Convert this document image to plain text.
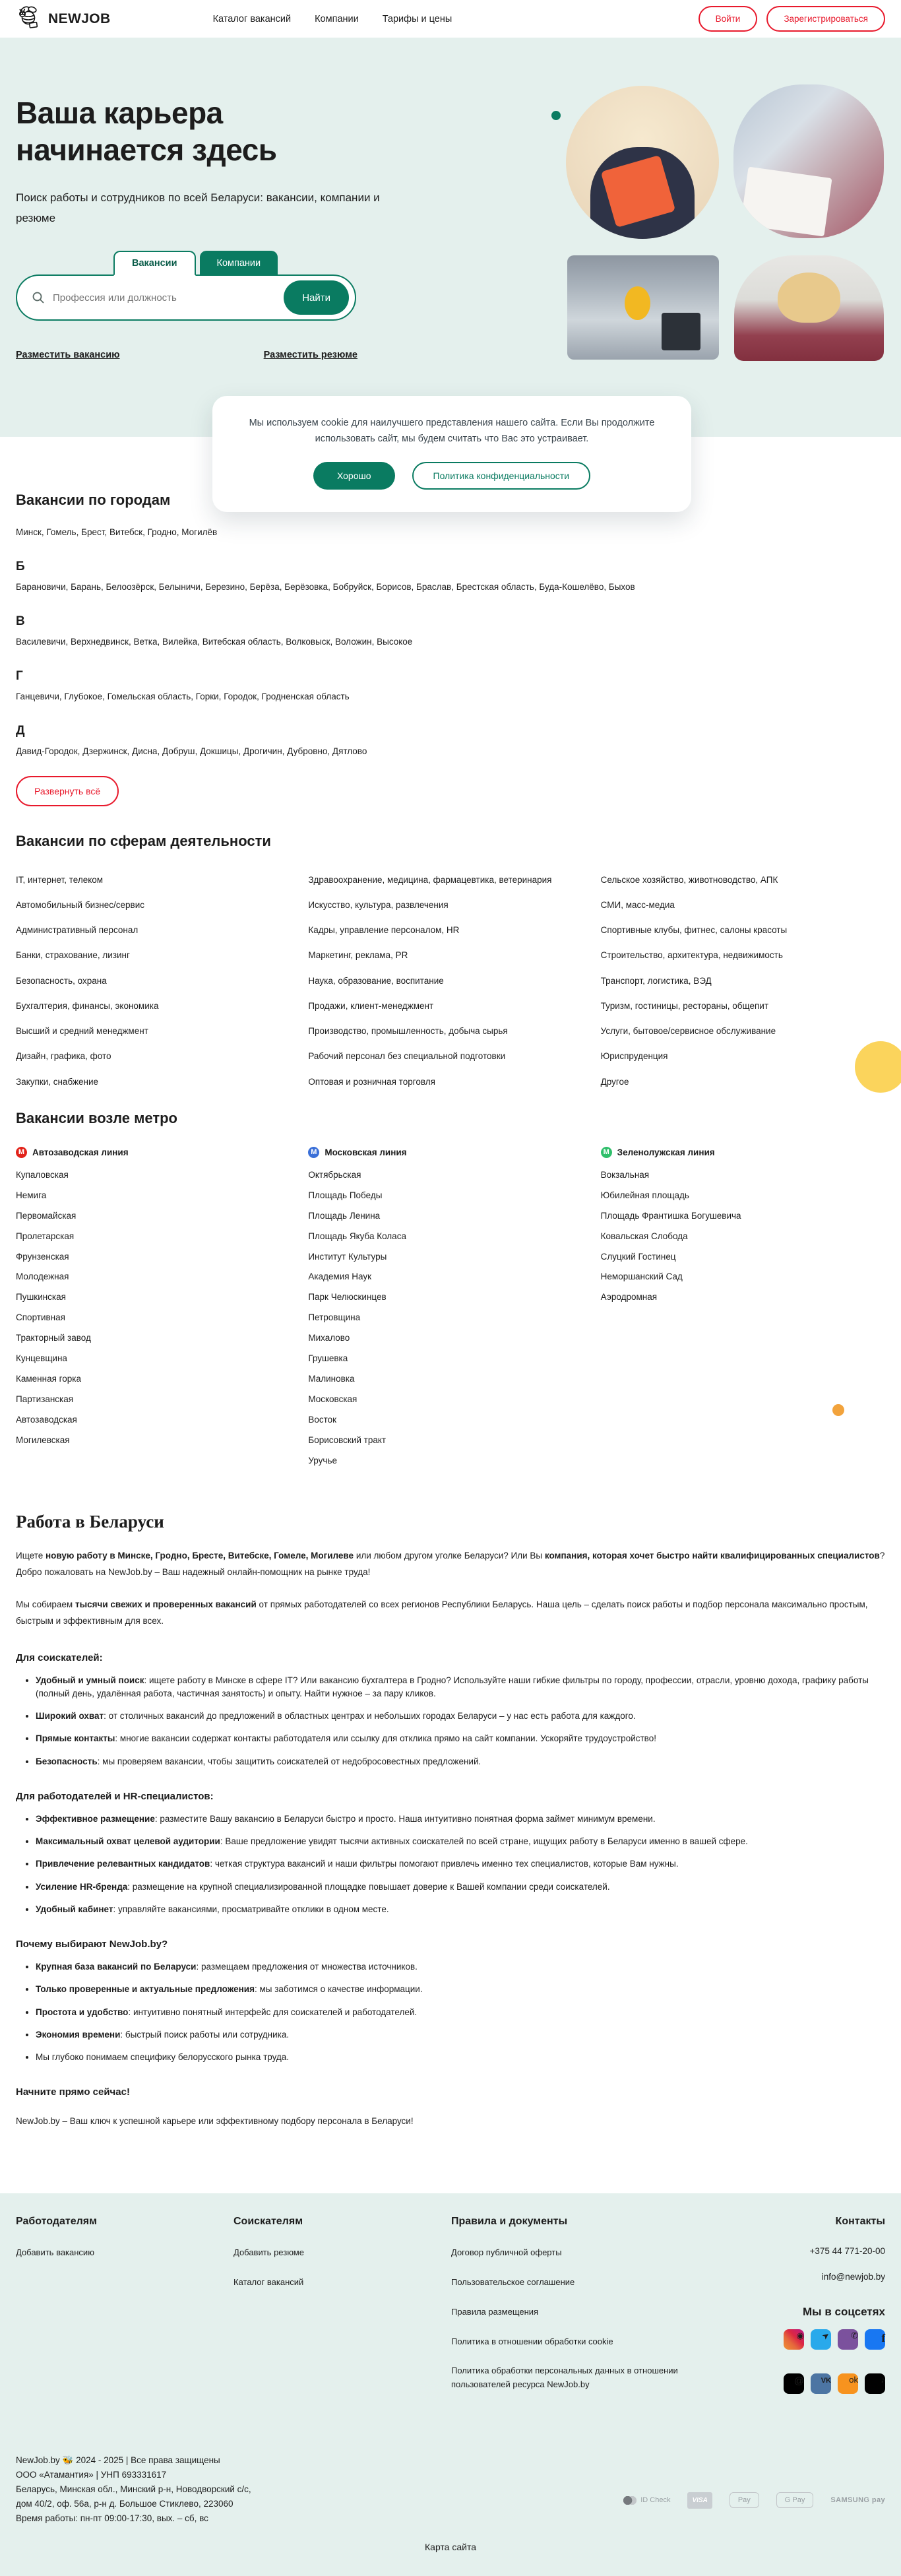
NEWJOB	Каталог вакансий Компании Тарифы и цены	Войти	Зарегистрироваться
Ваша карьера
начинается здесь
Поиск работы и сотрудников по всей Беларуси: вакансии, компании и резюме
Вакансии	Компании
Профессия или должность
Найти
Разместить вакансию	Разместить резюме

Мы используем cookie для наилучшего представления нашего сайта. Если Вы продолжите использовать сайт, мы будем считать что Вас это устраивает.

Хорошо	Политика конфиденциальности
Вакансии по городам
Минск, Гомель, Брест, Витебск, Гродно, Могилёв
Б
Барановичи, Барань, Белоозёрск, Белыничи, Березино, Берёза, Берёзовка, Бобруйск, Борисов, Браслав, Брестская область, Буда-Кошелёво, Быхов
В
Василевичи, Верхнедвинск, Ветка, Вилейка, Витебская область, Волковыск, Воложин, Высокое
Г
Ганцевичи, Глубокое, Гомельская область, Горки, Городок, Гродненская область
Д
Давид-Городок, Дзержинск, Дисна, Добруш, Докшицы, Дрогичин, Дубровно, Дятлово
Развернуть всё
Вакансии по сферам деятельности
IT, интернет, телеком
Автомобильный бизнес/сервис
Административный персонал
Банки, страхование, лизинг
Безопасность, охрана
Бухгалтерия, финансы, экономика
Высший и средний менеджмент
Дизайн, графика, фото
Закупки, снабжение
Здравоохранение, медицина, фармацевтика, ветеринария
Искусство, культура, развлечения
Кадры, управление персоналом, HR
Маркетинг, реклама, PR
Наука, образование, воспитание
Продажи, клиент-менеджмент
Производство, промышленность, добыча сырья
Рабочий персонал без специальной подготовки
Оптовая и розничная торговля
Сельское хозяйство, животноводство, АПК
СМИ, масс-медиа
Спортивные клубы, фитнес, салоны красоты
Строительство, архитектура, недвижимость
Транспорт, логистика, ВЭД
Туризм, гостиницы, рестораны, общепит
Услуги, бытовое/сервисное обслуживание
Юриспруденция
Другое
Вакансии возле метро
М Автозаводская линия
Купаловская
Немига
Первомайская
Пролетарская
Фрунзенская
Молодежная
Пушкинская
Спортивная
Тракторный завод
Кунцевщина
Каменная горка
Партизанская
Автозаводская
Могилевская
М Московская линия
Октябрьская
Площадь Победы
Площадь Ленина
Площадь Якуба Коласа
Институт Культуры
Академия Наук
Парк Челюскинцев
Петровщина
Михалово
Грушевка
Малиновка
Московская
Восток
Борисовский тракт
Уручье
М Зеленолужская линия
Вокзальная
Юбилейная площадь
Площадь Франтишка Богушевича
Ковальская Слобода
Слуцкий Гостинец
Неморшанский Сад
Аэродромная
Работа в Беларуси

Ищете новую работу в Минске, Гродно, Бресте, Витебске, Гомеле, Могилеве или любом другом уголке Беларуси? Или Вы компания, которая хочет быстро найти квалифицированных специалистов? Добро пожаловать на NewJob.by – Ваш надежный онлайн-помощник на рынке труда!

Мы собираем тысячи свежих и проверенных вакансий от прямых работодателей со всех регионов Республики Беларусь. Наша цель – сделать поиск работы и подбор персонала максимально простым, быстрым и эффективным для всех.

Для соискателей:
• Удобный и умный поиск: ищете работу в Минске в сфере IT? Или вакансию бухгалтера в Гродно? Используйте наши гибкие фильтры по городу, профессии, отрасли, уровню дохода, графику работы (полный день, удалённая работа, частичная занятость) и опыту. Найти нужное – за пару кликов.
• Широкий охват: от столичных вакансий до предложений в областных центрах и небольших городах Беларуси – у нас есть работа для каждого.
• Прямые контакты: многие вакансии содержат контакты работодателя или ссылку для отклика прямо на сайт компании. Ускоряйте трудоустройство!
• Безопасность: мы проверяем вакансии, чтобы защитить соискателей от недобросовестных предложений.
Для работодателей и HR-специалистов:
• Эффективное размещение: разместите Вашу вакансию в Беларуси быстро и просто. Наша интуитивно понятная форма займет минимум времени.
• Максимальный охват целевой аудитории: Ваше предложение увидят тысячи активных соискателей по всей стране, ищущих работу в Беларуси именно в вашей сфере.
• Привлечение релевантных кандидатов: четкая структура вакансий и наши фильтры помогают привлечь именно тех специалистов, которые Вам нужны.
• Усиление HR-бренда: размещение на крупной специализированной площадке повышает доверие к Вашей компании среди соискателей.
• Удобный кабинет: управляйте вакансиями, просматривайте отклики в одном месте.
Почему выбирают NewJob.by?
• Крупная база вакансий по Беларуси: размещаем предложения от множества источников.
• Только проверенные и актуальные предложения: мы заботимся о качестве информации.
• Простота и удобство: интуитивно понятный интерфейс для соискателей и работодателей.
• Экономия времени: быстрый поиск работы или сотрудника.
• Мы глубоко понимаем специфику белорусского рынка труда.
Начните прямо сейчас!

NewJob.by – Ваш ключ к успешной карьере или эффективному подбору персонала в Беларуси!

Работодателям
Добавить вакансию
Соискателям
Добавить резюме
Каталог вакансий
Правила и документы
Договор публичной оферты
Пользовательское соглашение
Правила размещения
Политика в отношении обработки cookie
Политика обработки персональных данных в отношении пользователей ресурса NewJob.by
Контакты
+375 44 771-20-00
info@newjob.by
Мы в соцсетях
◉	➤	✆	f
@	VK	ok	♪
NewJob.by 🐝 2024 - 2025 | Все права защищены
ООО «Атамантия» | УНП 693331617
Беларусь, Минская обл., Минский р-н, Новодворский с/с,
дом 40/2, оф. 56а, р-н д. Большое Стиклево, 223060
Время работы: пн-пт 09:00-17:30, вых. – сб, вс
ID Check	VISA	Pay	G Pay	SAMSUNG pay
Карта сайта
